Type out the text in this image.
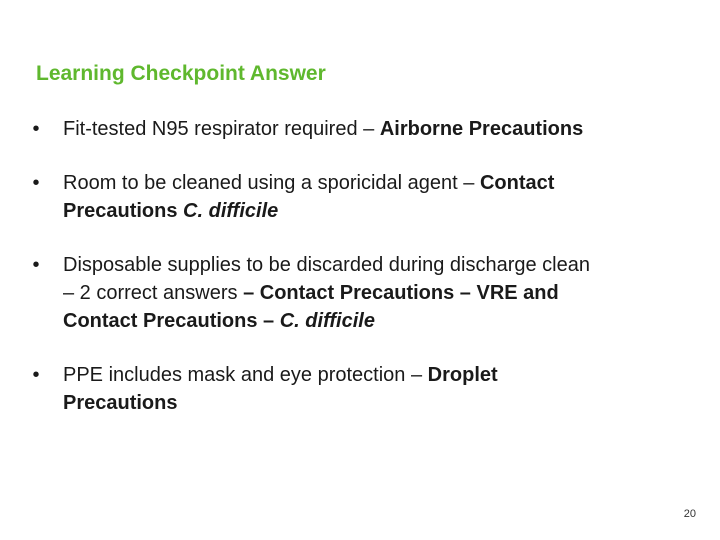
Learning Checkpoint Answer
• Fit-tested N95 respirator required – Airborne Precautions
• Room to be cleaned using a sporicidal agent – Contact Precautions C. difficile
• Disposable supplies to be discarded during discharge clean – 2 correct answers – Contact Precautions – VRE and Contact Precautions – C. difficile
• PPE includes mask and eye protection – Droplet Precautions
20
